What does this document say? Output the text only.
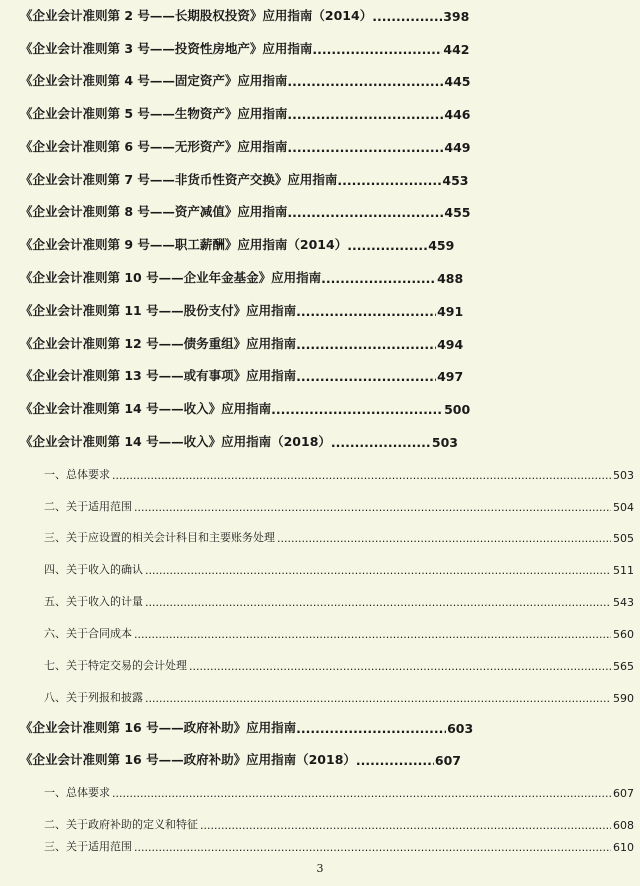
《企业会计准则第 2 号——长期股权投资》应用指南（2014） .....	398
《企业会计准则第 3 号——投资性房地产》应用指南 .....	442
《企业会计准则第 4 号——固定资产》应用指南 .....	445
《企业会计准则第 5 号——生物资产》应用指南 .....	446
《企业会计准则第 6 号——无形资产》应用指南 .....	449
《企业会计准则第 7 号——非货币性资产交换》应用指南 .....	453
《企业会计准则第 8 号——资产减值》应用指南 .....	455
《企业会计准则第 9 号——职工薪酬》应用指南（2014） .....	459
《企业会计准则第 10 号——企业年金基金》应用指南 .....	488
《企业会计准则第 11 号——股份支付》应用指南 .....	491
《企业会计准则第 12 号——债务重组》应用指南 .....	494
《企业会计准则第 13 号——或有事项》应用指南 .....	497
《企业会计准则第 14 号——收入》应用指南 .....	500
《企业会计准则第 14 号——收入》应用指南（2018） .....	503
一、总体要求 .....	503
二、关于适用范围 .....	504
三、关于应设置的相关会计科目和主要账务处理 .....	505
四、关于收入的确认 .....	511
五、关于收入的计量 .....	543
六、关于合同成本 .....	560
七、关于特定交易的会计处理 .....	565
八、关于列报和披露 .....	590
《企业会计准则第 16 号——政府补助》应用指南 .....	603
《企业会计准则第 16 号——政府补助》应用指南（2018） .....	607
一、总体要求 .....	607
二、关于政府补助的定义和特征 .....	608
三、关于适用范围 .....	610
3
